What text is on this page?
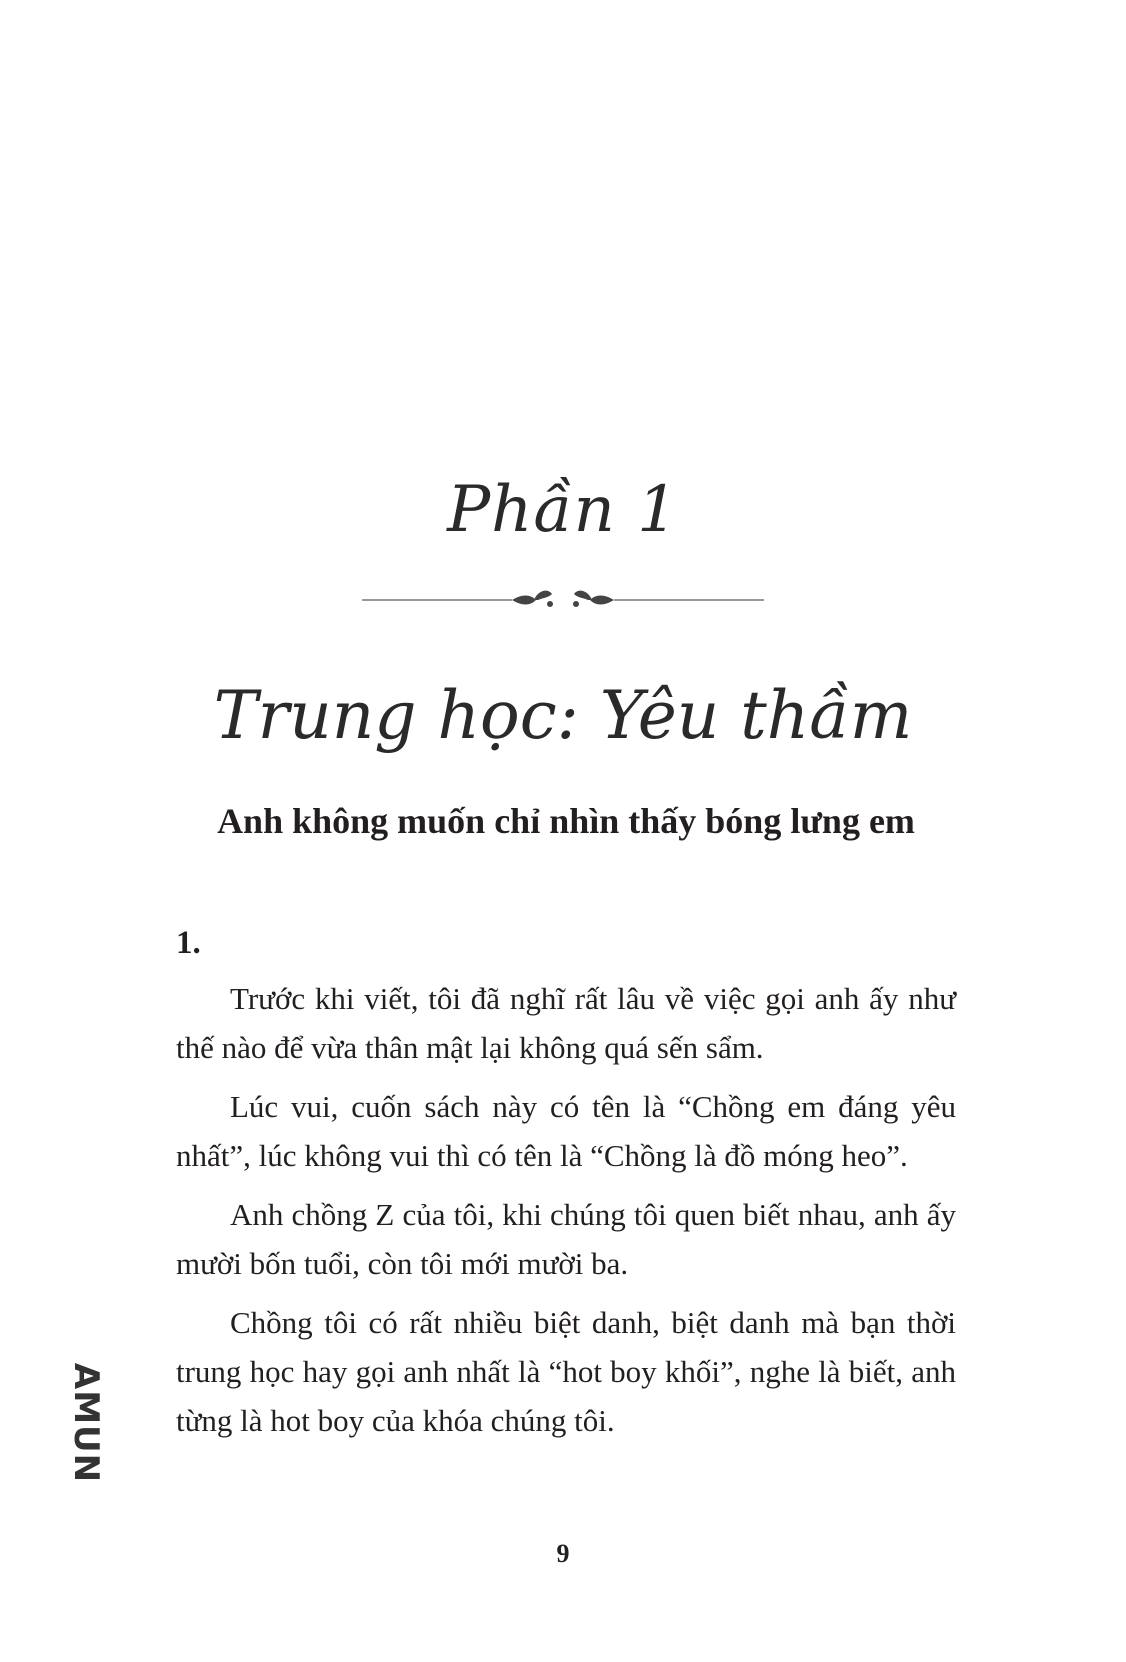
Phần 1
Trung học: Yêu thầm
Anh không muốn chỉ nhìn thấy bóng lưng em
1.

Trước khi viết, tôi đã nghĩ rất lâu về việc gọi anh ấy như thế nào để vừa thân mật lại không quá sến sẩm.

Lúc vui, cuốn sách này có tên là “Chồng em đáng yêu nhất”, lúc không vui thì có tên là “Chồng là đồ móng heo”.

Anh chồng Z của tôi, khi chúng tôi quen biết nhau, anh ấy mười bốn tuổi, còn tôi mới mười ba.

Chồng tôi có rất nhiều biệt danh, biệt danh mà bạn thời trung học hay gọi anh nhất là “hot boy khối”, nghe là biết, anh từng là hot boy của khóa chúng tôi.

AMUN
9
